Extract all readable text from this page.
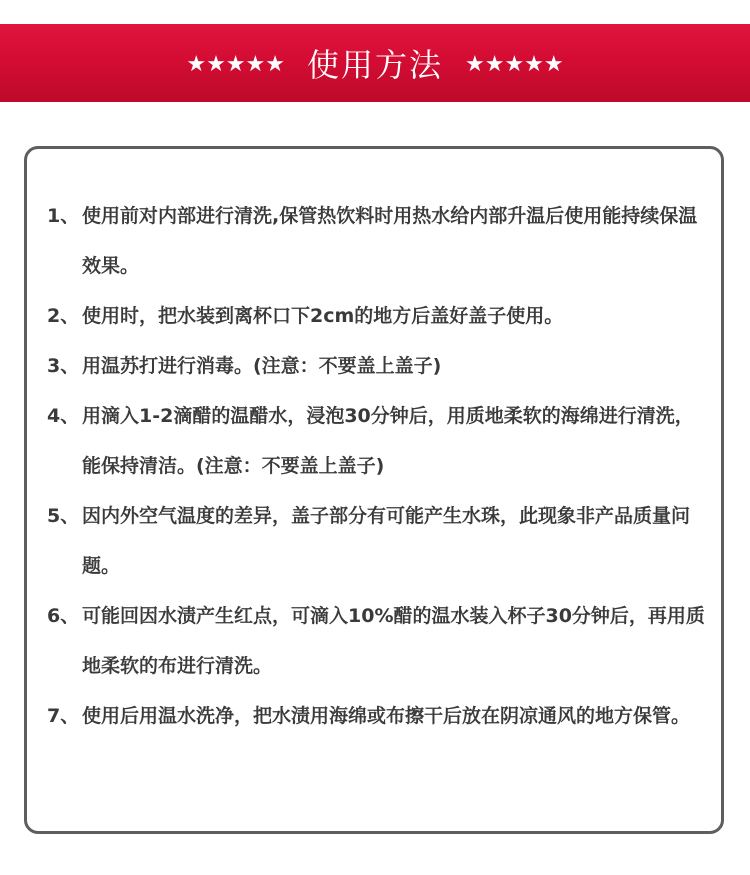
★★★★★ 使用方法 ★★★★★
1、 使用前对内部进行清洗,保管热饮料时用热水给内部升温后使用能持续保温效果。
2、 使用时，把水装到离杯口下2cm的地方后盖好盖子使用。
3、 用温苏打进行消毒。(注意：不要盖上盖子)
4、 用滴入1-2滴醋的温醋水，浸泡30分钟后，用质地柔软的海绵进行清洗，能保持清洁。(注意：不要盖上盖子)
5、 因内外空气温度的差异，盖子部分有可能产生水珠，此现象非产品质量问题。
6、 可能回因水渍产生红点，可滴入10%醋的温水装入杯子30分钟后，再用质地柔软的布进行清洗。
7、 使用后用温水洗净，把水渍用海绵或布擦干后放在阴凉通风的地方保管。
